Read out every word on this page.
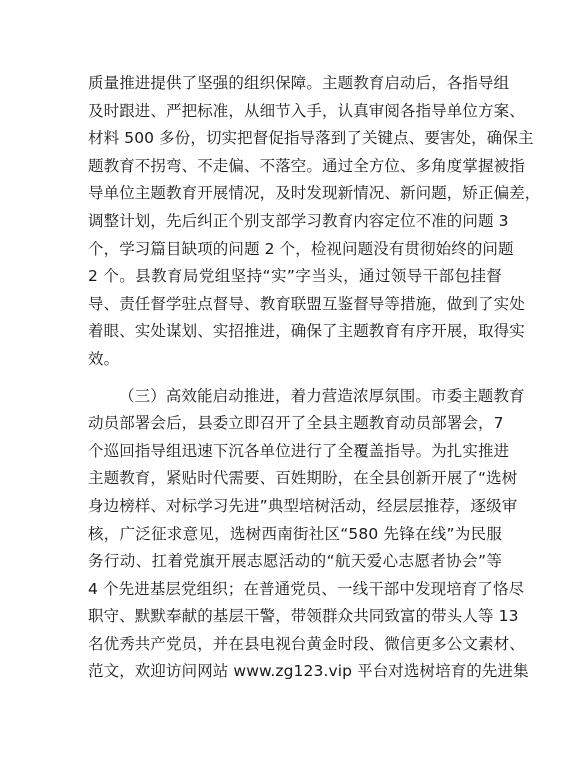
质量推进提供了坚强的组织保障。主题教育启动后，各指导组
及时跟进、严把标准，从细节入手，认真审阅各指导单位方案、
材料 500 多份，切实把督促指导落到了关键点、要害处，确保主
题教育不拐弯、不走偏、不落空。通过全方位、多角度掌握被指
导单位主题教育开展情况，及时发现新情况、新问题，矫正偏差，
调整计划，先后纠正个别支部学习教育内容定位不准的问题 3
个，学习篇目缺项的问题 2 个，检视问题没有贯彻始终的问题
2 个。县教育局党组坚持“实”字当头，通过领导干部包挂督
导、责任督学驻点督导、教育联盟互鉴督导等措施，做到了实处
着眼、实处谋划、实招推进，确保了主题教育有序开展，取得实
效。
（三）高效能启动推进，着力营造浓厚氛围。市委主题教育
动员部署会后，县委立即召开了全县主题教育动员部署会，7
个巡回指导组迅速下沉各单位进行了全覆盖指导。为扎实推进
主题教育，紧贴时代需要、百姓期盼，在全县创新开展了“选树
身边榜样、对标学习先进”典型培树活动，经层层推荐，逐级审
核，广泛征求意见，选树西南街社区“580 先锋在线”为民服
务行动、扛着党旗开展志愿活动的“航天爱心志愿者协会”等
4 个先进基层党组织；在普通党员、一线干部中发现培育了恪尽
职守、默默奉献的基层干警，带领群众共同致富的带头人等 13
名优秀共产党员，并在县电视台黄金时段、微信更多公文素材、
范文，欢迎访问网站 www.zg123.vip 平台对选树培育的先进集
